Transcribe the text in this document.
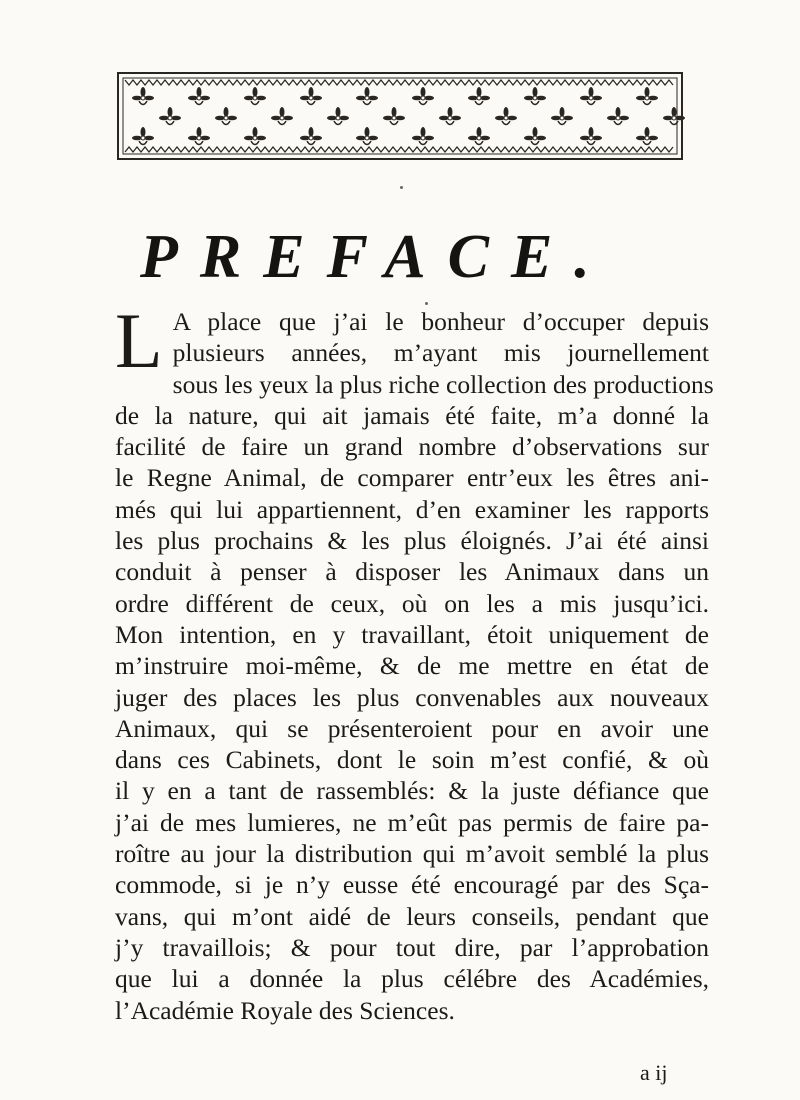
PREFACE.
L A place que j’ai le bonheur d’occuper depuis
plusieurs années, m’ayant mis journellement
sous les yeux la plus riche collection des productions
de la nature, qui ait jamais été faite, m’a donné la
facilité de faire un grand nombre d’observations sur
le Regne Animal, de comparer entr’eux les êtres ani-
més qui lui appartiennent, d’en examiner les rapports
les plus prochains & les plus éloignés. J’ai été ainsi
conduit à penser à disposer les Animaux dans un
ordre différent de ceux, où on les a mis jusqu’ici.
Mon intention, en y travaillant, étoit uniquement de
m’instruire moi-même, & de me mettre en état de
juger des places les plus convenables aux nouveaux
Animaux, qui se présenteroient pour en avoir une
dans ces Cabinets, dont le soin m’est confié, & où
il y en a tant de rassemblés: & la juste défiance que
j’ai de mes lumieres, ne m’eût pas permis de faire pa-
roître au jour la distribution qui m’avoit semblé la plus
commode, si je n’y eusse été encouragé par des Sça-
vans, qui m’ont aidé de leurs conseils, pendant que
j’y travaillois; & pour tout dire, par l’approbation
que lui a donnée la plus célébre des Académies,
l’Académie Royale des Sciences.
a ij
